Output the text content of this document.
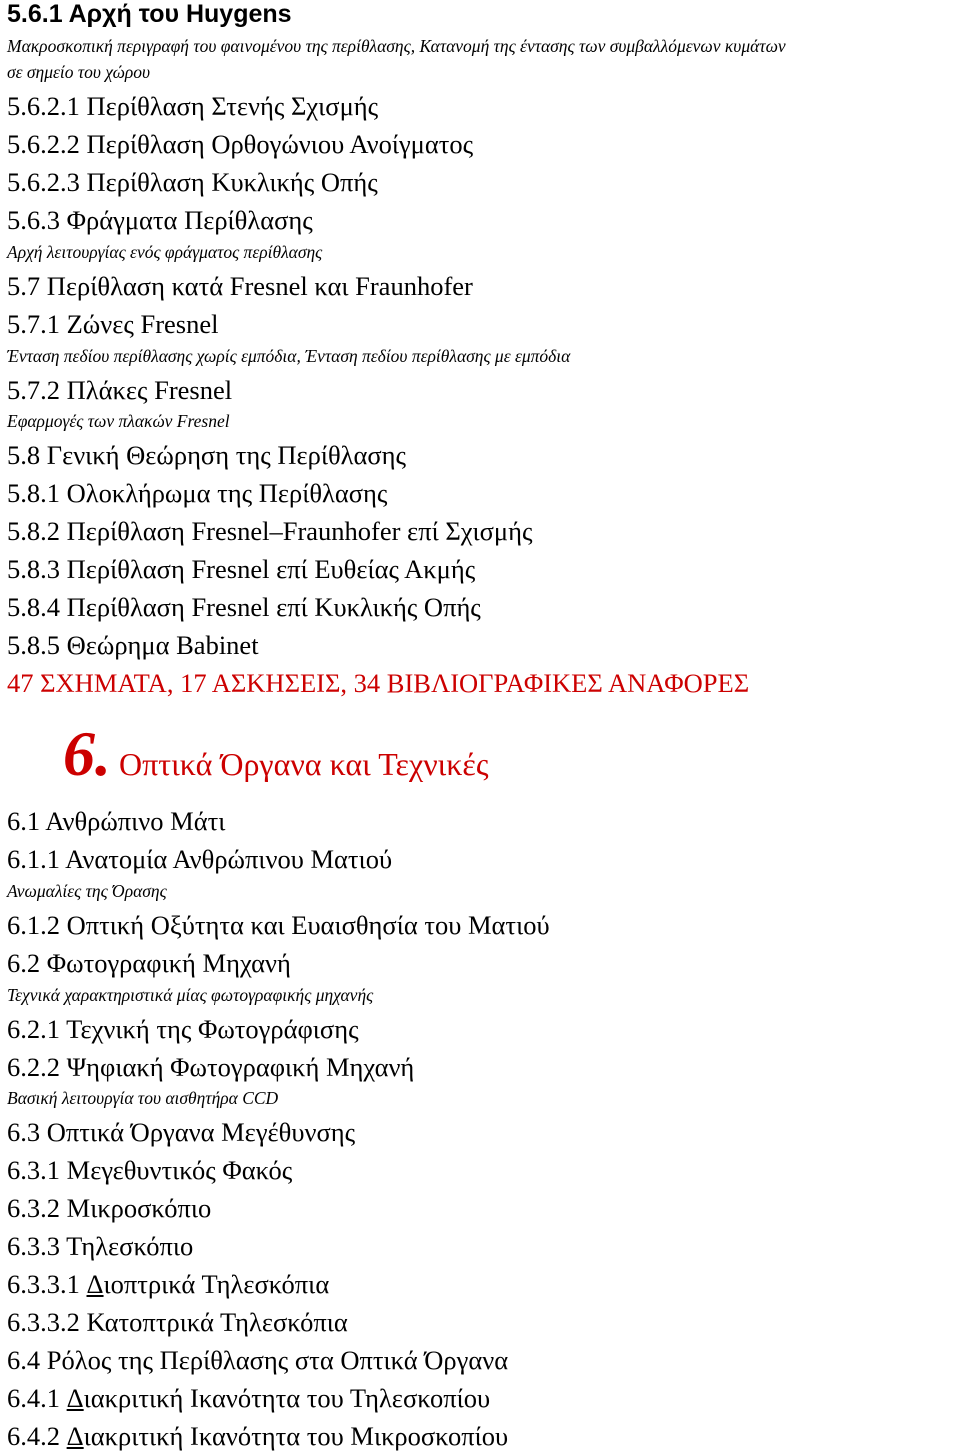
5.6.1 Αρχή του Huygens
Μακροσκοπική περιγραφή του φαινομένου της περίθλασης, Κατανομή της έντασης των συμβαλλόμενων κυμάτων
σε σημείο του χώρου
5.6.2.1 Περίθλαση Στενής Σχισμής
5.6.2.2 Περίθλαση Ορθογώνιου Ανοίγματος
5.6.2.3 Περίθλαση Κυκλικής Οπής
5.6.3 Φράγματα Περίθλασης
Αρχή λειτουργίας ενός φράγματος περίθλασης
5.7 Περίθλαση κατά Fresnel και Fraunhofer
5.7.1 Ζώνες Fresnel
Ένταση πεδίου περίθλασης χωρίς εμπόδια, Ένταση πεδίου περίθλασης με εμπόδια
5.7.2 Πλάκες Fresnel
Εφαρμογές των πλακών Fresnel
5.8 Γενική Θεώρηση της Περίθλασης
5.8.1 Ολοκλήρωμα της Περίθλασης
5.8.2 Περίθλαση Fresnel–Fraunhofer επί Σχισμής
5.8.3 Περίθλαση Fresnel επί Ευθείας Ακμής
5.8.4 Περίθλαση Fresnel επί Κυκλικής Οπής
5.8.5 Θεώρημα Babinet
47 ΣΧΗΜΑΤΑ, 17 ΑΣΚΗΣΕΙΣ, 34 ΒΙΒΛΙΟΓΡΑΦΙΚΕΣ ΑΝΑΦΟΡΕΣ
6. Οπτικά Όργανα και Τεχνικές
6.1 Ανθρώπινο Μάτι
6.1.1 Ανατομία Ανθρώπινου Ματιού
Ανωμαλίες της Όρασης
6.1.2 Οπτική Οξύτητα και Ευαισθησία του Ματιού
6.2 Φωτογραφική Μηχανή
Τεχνικά χαρακτηριστικά μίας φωτογραφικής μηχανής
6.2.1 Τεχνική της Φωτογράφισης
6.2.2 Ψηφιακή Φωτογραφική Μηχανή
Βασική λειτουργία του αισθητήρα CCD
6.3 Οπτικά Όργανα Μεγέθυνσης
6.3.1 Μεγεθυντικός Φακός
6.3.2 Μικροσκόπιο
6.3.3 Τηλεσκόπιο
6.3.3.1 Διοπτρικά Τηλεσκόπια
6.3.3.2 Κατοπτρικά Τηλεσκόπια
6.4 Ρόλος της Περίθλασης στα Οπτικά Όργανα
6.4.1 Διακριτική Ικανότητα του Τηλεσκοπίου
6.4.2 Διακριτική Ικανότητα του Μικροσκοπίου
